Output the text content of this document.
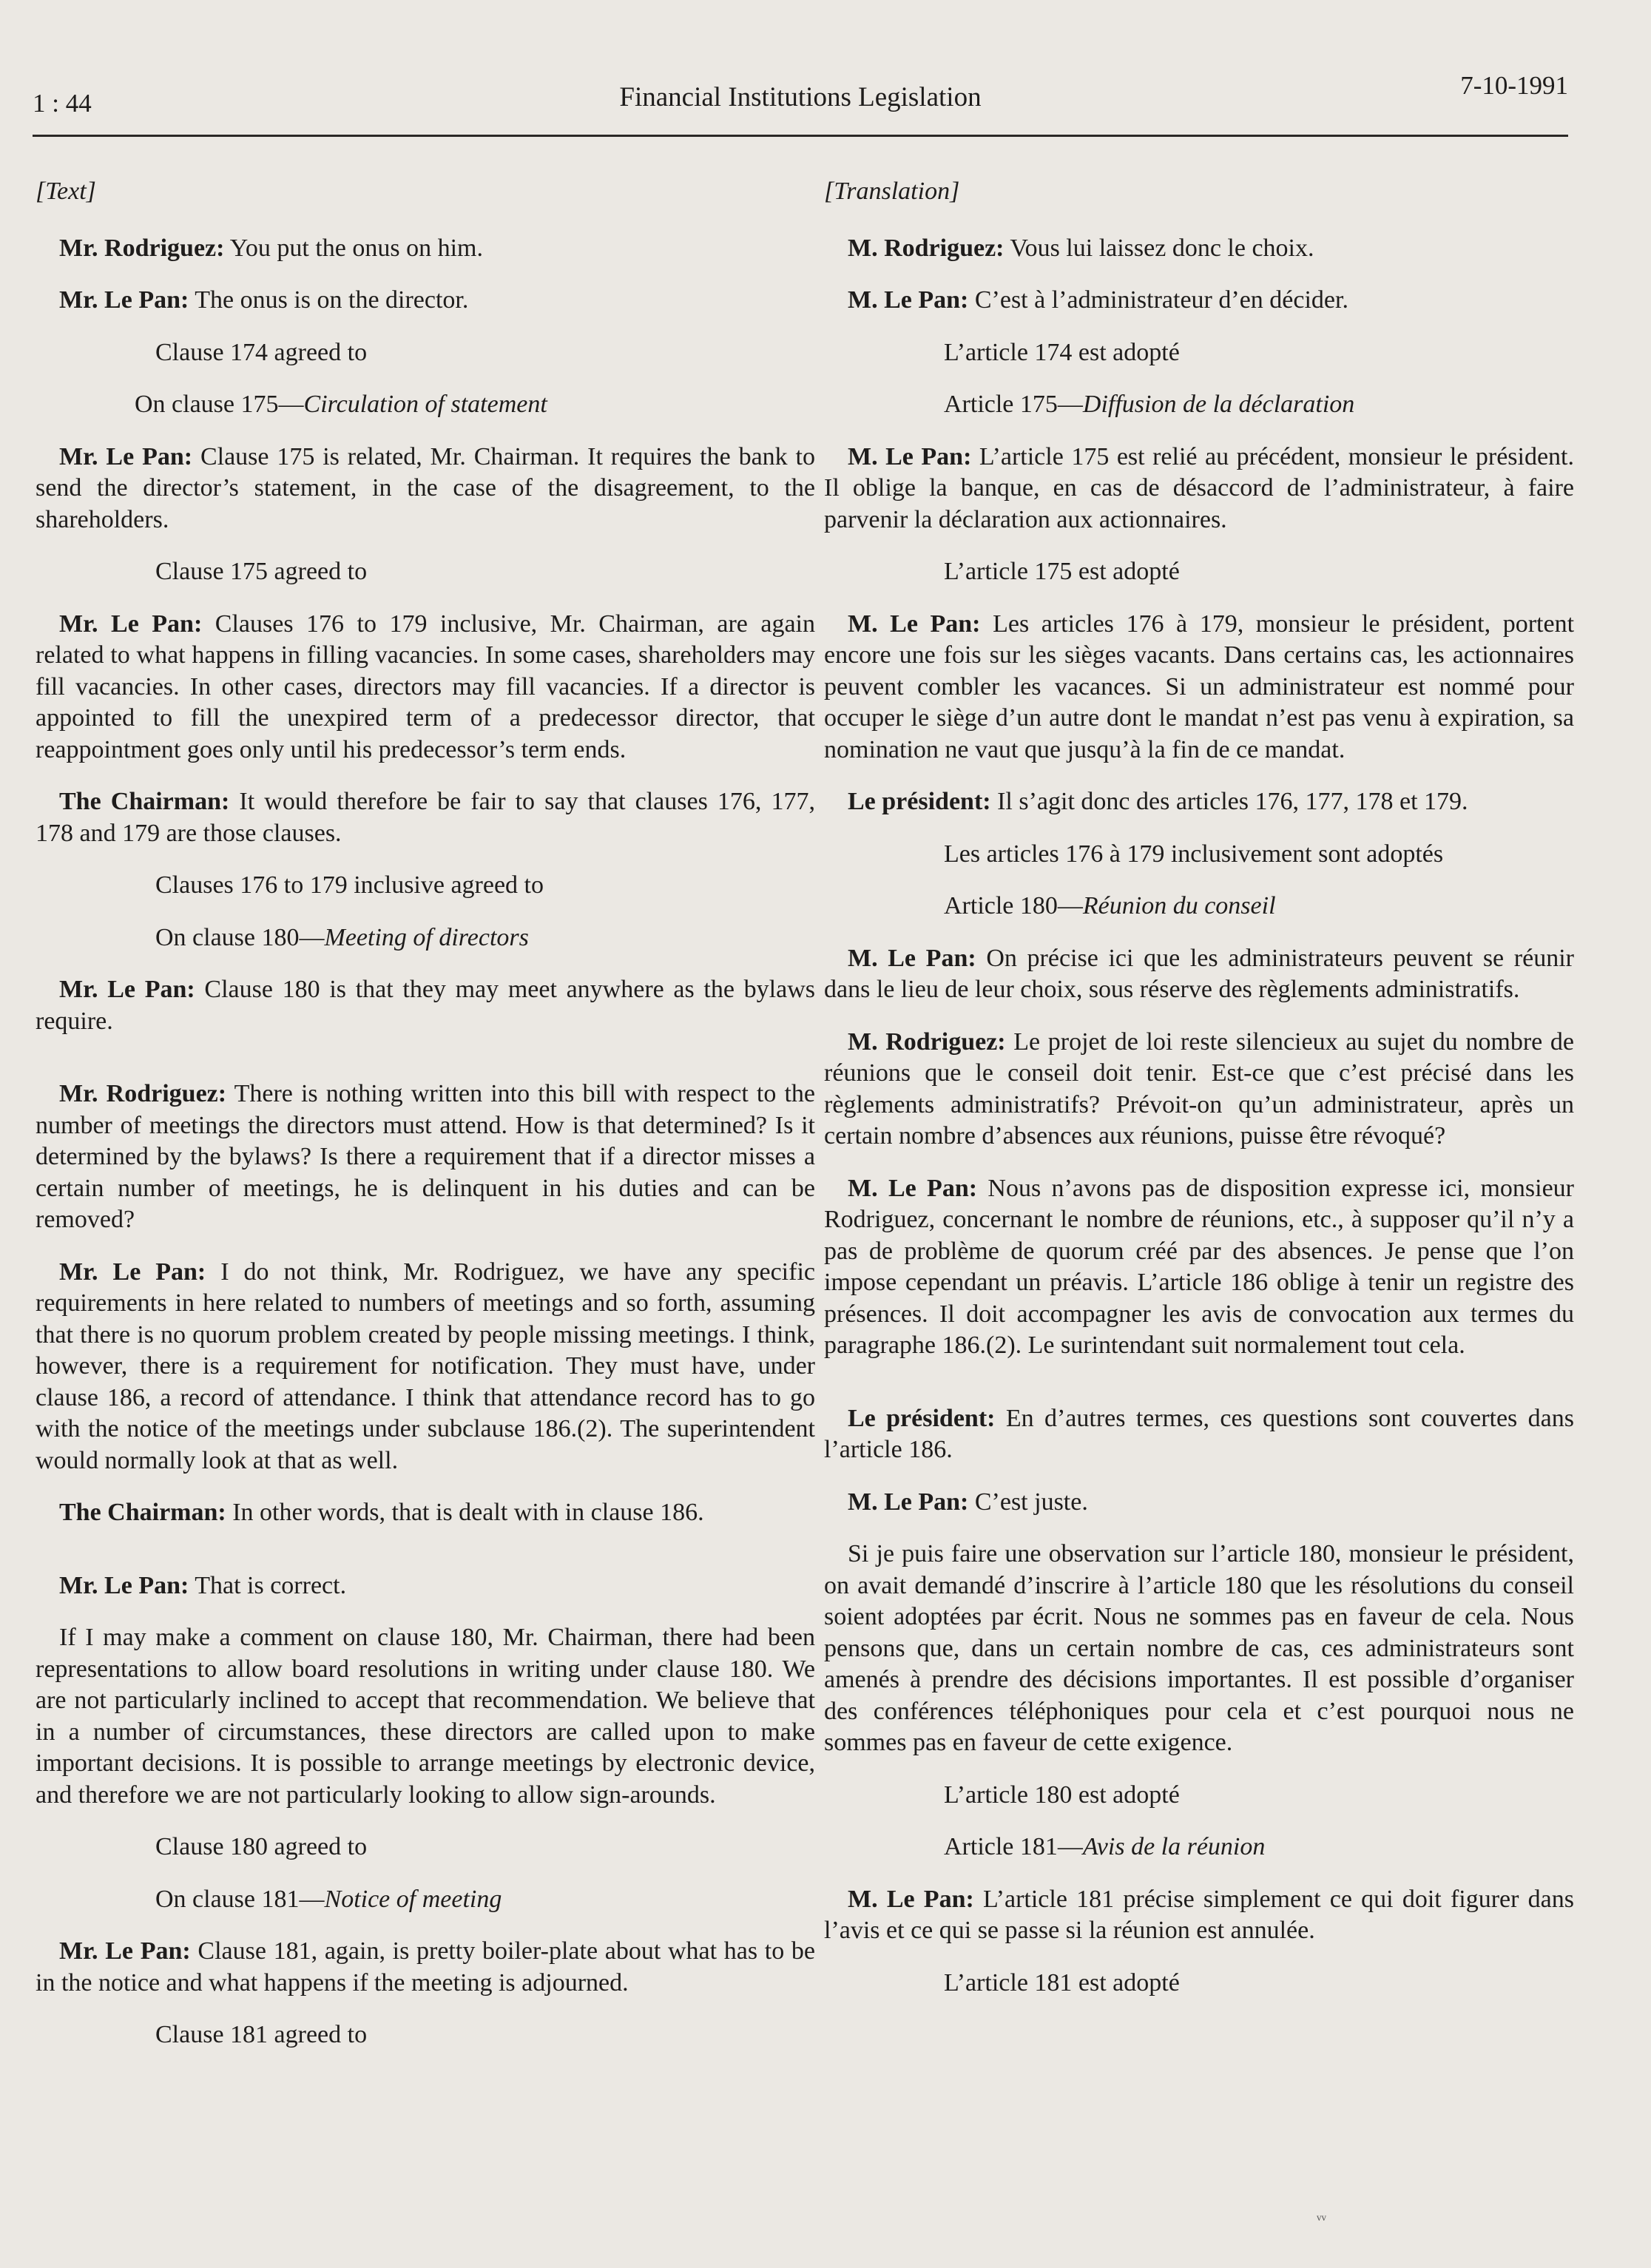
1 : 44	Financial Institutions Legislation	7-10-1991

[Text]

Mr. Rodriguez: You put the onus on him.

Mr. Le Pan: The onus is on the director.

Clause 174 agreed to

On clause 175—Circulation of statement

Mr. Le Pan: Clause 175 is related, Mr. Chairman. It requires the bank to send the director’s statement, in the case of the disagreement, to the shareholders.

Clause 175 agreed to

Mr. Le Pan: Clauses 176 to 179 inclusive, Mr. Chairman, are again related to what happens in filling vacancies. In some cases, shareholders may fill vacancies. In other cases, directors may fill vacancies. If a director is appointed to fill the unexpired term of a predecessor director, that reappointment goes only until his predecessor’s term ends.

The Chairman: It would therefore be fair to say that clauses 176, 177, 178 and 179 are those clauses.

Clauses 176 to 179 inclusive agreed to

On clause 180—Meeting of directors

Mr. Le Pan: Clause 180 is that they may meet anywhere as the bylaws require.

Mr. Rodriguez: There is nothing written into this bill with respect to the number of meetings the directors must attend. How is that determined? Is it determined by the bylaws? Is there a requirement that if a director misses a certain number of meetings, he is delinquent in his duties and can be removed?

Mr. Le Pan: I do not think, Mr. Rodriguez, we have any specific requirements in here related to numbers of meetings and so forth, assuming that there is no quorum problem created by people missing meetings. I think, however, there is a requirement for notification. They must have, under clause 186, a record of attendance. I think that attendance record has to go with the notice of the meetings under subclause 186.(2). The superintendent would normally look at that as well.

The Chairman: In other words, that is dealt with in clause 186.

Mr. Le Pan: That is correct.

If I may make a comment on clause 180, Mr. Chairman, there had been representations to allow board resolutions in writing under clause 180. We are not particularly inclined to accept that recommendation. We believe that in a number of circumstances, these directors are called upon to make important decisions. It is possible to arrange meetings by electronic device, and therefore we are not particularly looking to allow sign-arounds.

Clause 180 agreed to

On clause 181—Notice of meeting

Mr. Le Pan: Clause 181, again, is pretty boiler-plate about what has to be in the notice and what happens if the meeting is adjourned.

Clause 181 agreed to

[Translation]

M. Rodriguez: Vous lui laissez donc le choix.

M. Le Pan: C’est à l’administrateur d’en décider.

L’article 174 est adopté

Article 175—Diffusion de la déclaration

M. Le Pan: L’article 175 est relié au précédent, monsieur le président. Il oblige la banque, en cas de désaccord de l’administrateur, à faire parvenir la déclaration aux actionnaires.

L’article 175 est adopté

M. Le Pan: Les articles 176 à 179, monsieur le président, portent encore une fois sur les sièges vacants. Dans certains cas, les actionnaires peuvent combler les vacances. Si un administrateur est nommé pour occuper le siège d’un autre dont le mandat n’est pas venu à expiration, sa nomination ne vaut que jusqu’à la fin de ce mandat.

Le président: Il s’agit donc des articles 176, 177, 178 et 179.

Les articles 176 à 179 inclusivement sont adoptés

Article 180—Réunion du conseil

M. Le Pan: On précise ici que les administrateurs peuvent se réunir dans le lieu de leur choix, sous réserve des règlements administratifs.

M. Rodriguez: Le projet de loi reste silencieux au sujet du nombre de réunions que le conseil doit tenir. Est-ce que c’est précisé dans les règlements administratifs? Prévoit-on qu’un administrateur, après un certain nombre d’absences aux réunions, puisse être révoqué?

M. Le Pan: Nous n’avons pas de disposition expresse ici, monsieur Rodriguez, concernant le nombre de réunions, etc., à supposer qu’il n’y a pas de problème de quorum créé par des absences. Je pense que l’on impose cependant un préavis. L’article 186 oblige à tenir un registre des présences. Il doit accompagner les avis de convocation aux termes du paragraphe 186.(2). Le surintendant suit normalement tout cela.

Le président: En d’autres termes, ces questions sont couvertes dans l’article 186.

M. Le Pan: C’est juste.

Si je puis faire une observation sur l’article 180, monsieur le président, on avait demandé d’inscrire à l’article 180 que les résolutions du conseil soient adoptées par écrit. Nous ne sommes pas en faveur de cela. Nous pensons que, dans un certain nombre de cas, ces administrateurs sont amenés à prendre des décisions importantes. Il est possible d’organiser des conférences téléphoniques pour cela et c’est pourquoi nous ne sommes pas en faveur de cette exigence.

L’article 180 est adopté

Article 181—Avis de la réunion

M. Le Pan: L’article 181 précise simplement ce qui doit figurer dans l’avis et ce qui se passe si la réunion est annulée.

L’article 181 est adopté

ᵛᵛ
